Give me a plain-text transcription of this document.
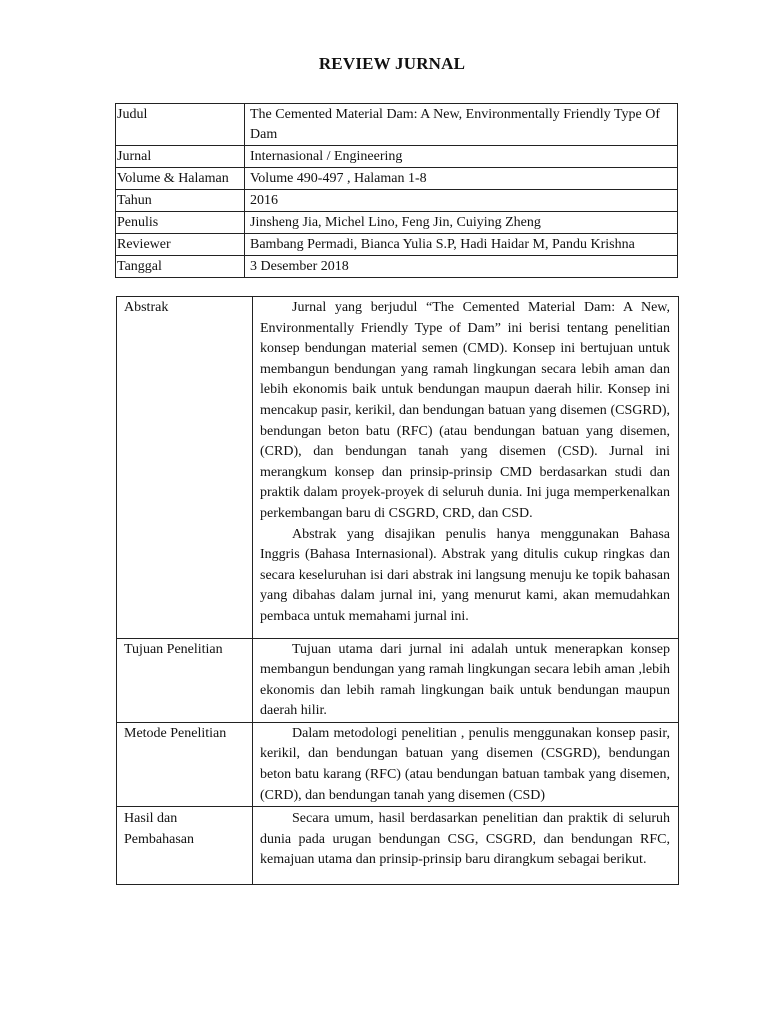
REVIEW JURNAL
Judul	The Cemented Material Dam: A New, Environmentally Friendly Type Of Dam
Jurnal	Internasional / Engineering
Volume & Halaman	Volume 490-497 , Halaman 1-8
Tahun	2016
Penulis	Jinsheng Jia, Michel Lino, Feng Jin, Cuiying Zheng
Reviewer	Bambang Permadi, Bianca Yulia S.P, Hadi Haidar M, Pandu Krishna
Tanggal	3 Desember 2018
Abstrak	Jurnal yang berjudul “The Cemented Material Dam: A New, Environmentally Friendly Type of Dam” ini berisi tentang penelitian konsep bendungan material semen (CMD). Konsep ini bertujuan untuk membangun bendungan yang ramah lingkungan secara lebih aman dan lebih ekonomis baik untuk bendungan maupun daerah hilir. Konsep ini mencakup pasir, kerikil, dan bendungan batuan yang disemen (CSGRD), bendungan beton batu (RFC) (atau bendungan batuan yang disemen, (CRD), dan bendungan tanah yang disemen (CSD). Jurnal ini merangkum konsep dan prinsip-prinsip CMD berdasarkan studi dan praktik dalam proyek-proyek di seluruh dunia. Ini juga memperkenalkan perkembangan baru di CSGRD, CRD, dan CSD.

Abstrak yang disajikan penulis hanya menggunakan Bahasa Inggris (Bahasa Internasional). Abstrak yang ditulis cukup ringkas dan secara keseluruhan isi dari abstrak ini langsung menuju ke topik bahasan yang dibahas dalam jurnal ini, yang menurut kami, akan memudahkan pembaca untuk memahami jurnal ini.

Tujuan Penelitian	Tujuan utama dari jurnal ini adalah untuk menerapkan konsep membangun bendungan yang ramah lingkungan secara lebih aman ,lebih ekonomis dan lebih ramah lingkungan baik untuk bendungan maupun daerah hilir.

Metode Penelitian	Dalam metodologi penelitian , penulis menggunakan konsep pasir, kerikil, dan bendungan batuan yang disemen (CSGRD), bendungan beton batu karang (RFC) (atau bendungan batuan tambak yang disemen, (CRD), dan bendungan tanah yang disemen (CSD)

Hasil dan Pembahasan	Secara umum, hasil berdasarkan penelitian dan praktik di seluruh dunia pada urugan bendungan CSG, CSGRD, dan bendungan RFC, kemajuan utama dan prinsip-prinsip baru dirangkum sebagai berikut.
